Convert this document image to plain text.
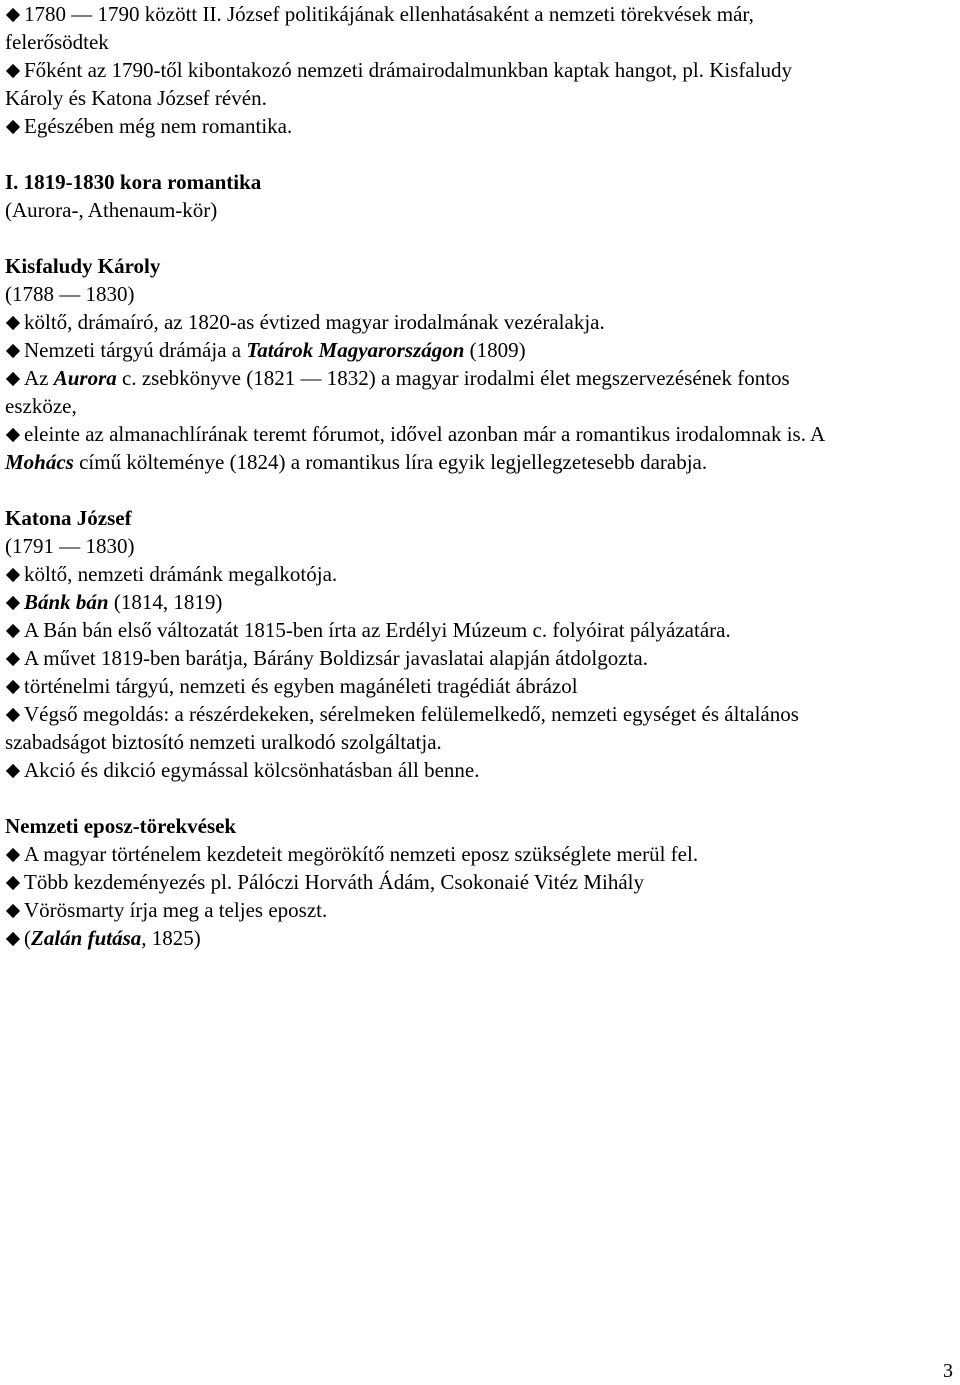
1780 — 1790 között II. József politikájának ellenhatásaként a nemzeti törekvések már,
felerősödtek
Főként az 1790-től kibontakozó nemzeti drámairodalmunkban kaptak hangot, pl. Kisfaludy
Károly és Katona József révén.
Egészében még nem romantika.
I. 1819-1830 kora romantika
(Aurora-, Athenaum-kör)
Kisfaludy Károly
(1788 — 1830)
költő, drámaíró, az 1820-as évtized magyar irodalmának vezéralakja.
Nemzeti tárgyú drámája a Tatárok Magyarországon (1809)
Az Aurora c. zsebkönyve (1821 — 1832) a magyar irodalmi élet megszervezésének fontos
eszköze,
eleinte az almanachlírának teremt fórumot, idővel azonban már a romantikus irodalomnak is. A
Mohács című költeménye (1824) a romantikus líra egyik legjellegzetesebb darabja.
Katona József
(1791 — 1830)
költő, nemzeti drámánk megalkotója.
Bánk bán (1814, 1819)
A Bán bán első változatát 1815-ben írta az Erdélyi Múzeum c. folyóirat pályázatára.
A művet 1819-ben barátja, Bárány Boldizsár javaslatai alapján átdolgozta.
történelmi tárgyú, nemzeti és egyben magánéleti tragédiát ábrázol
Végső megoldás: a részérdekeken, sérelmeken felülemelkedő, nemzeti egységet és általános
szabadságot biztosító nemzeti uralkodó szolgáltatja.
Akció és dikció egymással kölcsönhatásban áll benne.
Nemzeti eposz-törekvések
A magyar történelem kezdeteit megörökítő nemzeti eposz szükséglete merül fel.
Több kezdeményezés pl. Pálóczi Horváth Ádám, Csokonaié Vitéz Mihály
Vörösmarty írja meg a teljes eposzt.
(Zalán futása, 1825)
3
